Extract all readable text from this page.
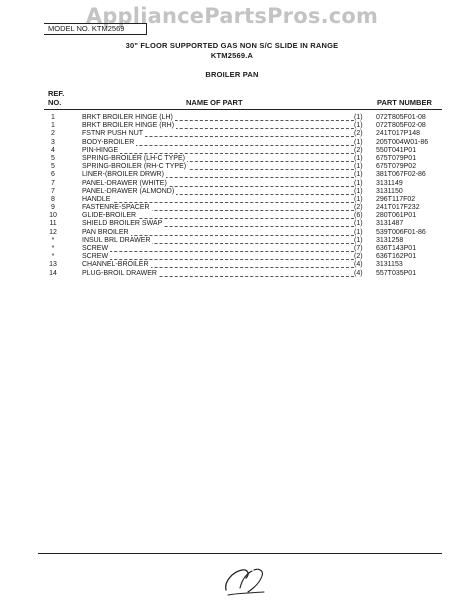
AppliancePartsPros.com
MODEL NO. KTM2569
30" FLOOR SUPPORTED GAS NON S/C SLIDE IN RANGE
KTM2569.A
BROILER PAN
REF.
NO.	NAME OF PART	PART NUMBER
1	BRKT BROILER HINGE (LH)	(1) 072T805F01-08
1	BRKT BROILER HINGE (RH)	(1) 072T805F02-08
2	FSTNR PUSH NUT	(2) 241T017P148
3	BODY-BROILER	(1) 205T004W01-86
4	PIN-HINGE	(2) 550T041P01
5	SPRING-BROILER (LH-C TYPE)	(1) 675T079P01
5	SPRING-BROILER (RH-C TYPE)	(1) 675T079P02
6	LINER-(BROILER DRWR)	(1) 381T067F02-86
7	PANEL-DRAWER (WHITE)	(1) 3131149
7	PANEL-DRAWER (ALMOND)	(1) 3131150
8	HANDLE	(1) 296T117F02
9	FASTENRE-SPACER	(2) 241T017F232
10	GLIDE-BROILER	(6) 280T061P01
11	SHIELD BROILER SWAP	(1) 3131487
12	PAN BROILER	(1) 539T006F01-86
*	INSUL BRL DRAWER	(1) 3131258
*	SCREW	(7) 636T143P01
*	SCREW	(2) 636T162P01
13	CHANNEL-BROILER	(4) 3131153
14	PLUG-BROIL DRAWER	(4) 557T035P01
